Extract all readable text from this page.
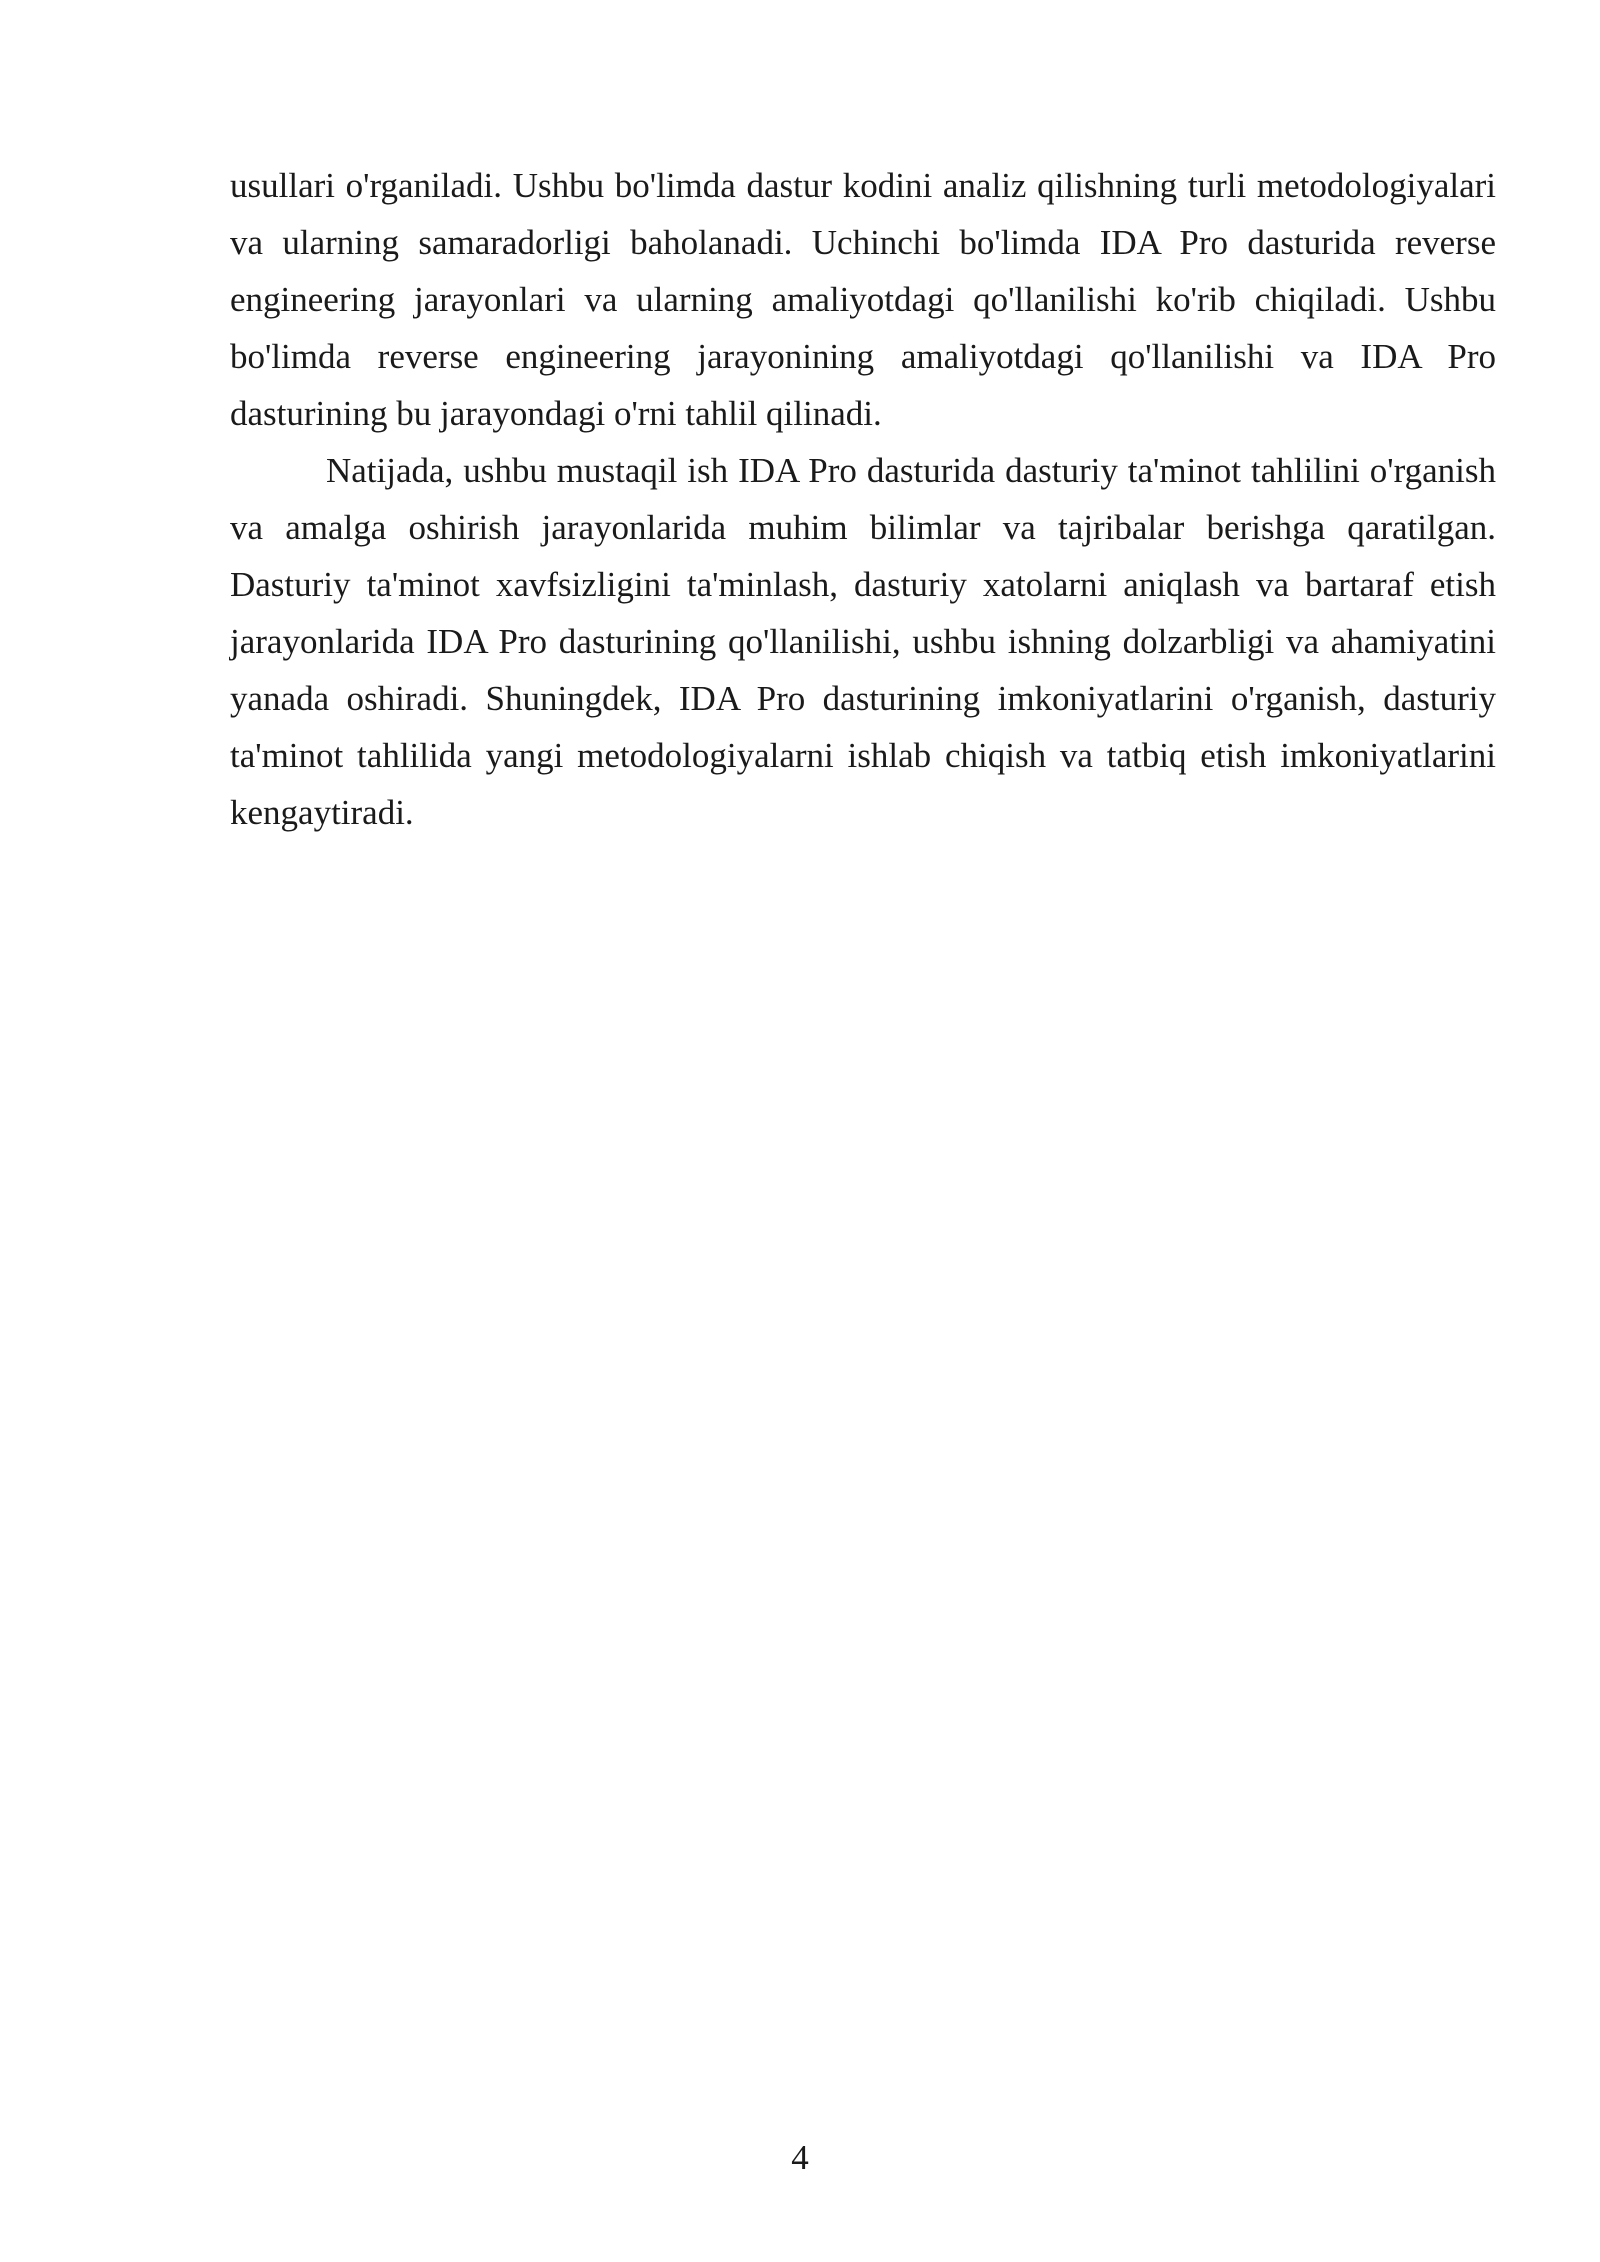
usullari o'rganiladi. Ushbu bo'limda dastur kodini analiz qilishning turli metodologiyalari va ularning samaradorligi baholanadi. Uchinchi bo'limda IDA Pro dasturida reverse engineering jarayonlari va ularning amaliyotdagi qo'llanilishi ko'rib chiqiladi. Ushbu bo'limda reverse engineering jarayonining amaliyotdagi qo'llanilishi va IDA Pro dasturining bu jarayondagi o'rni tahlil qilinadi.

Natijada, ushbu mustaqil ish IDA Pro dasturida dasturiy ta'minot tahlilini o'rganish va amalga oshirish jarayonlarida muhim bilimlar va tajribalar berishga qaratilgan. Dasturiy ta'minot xavfsizligini ta'minlash, dasturiy xatolarni aniqlash va bartaraf etish jarayonlarida IDA Pro dasturining qo'llanilishi, ushbu ishning dolzarbligi va ahamiyatini yanada oshiradi. Shuningdek, IDA Pro dasturining imkoniyatlarini o'rganish, dasturiy ta'minot tahlilida yangi metodologiyalarni ishlab chiqish va tatbiq etish imkoniyatlarini kengaytiradi.

4
